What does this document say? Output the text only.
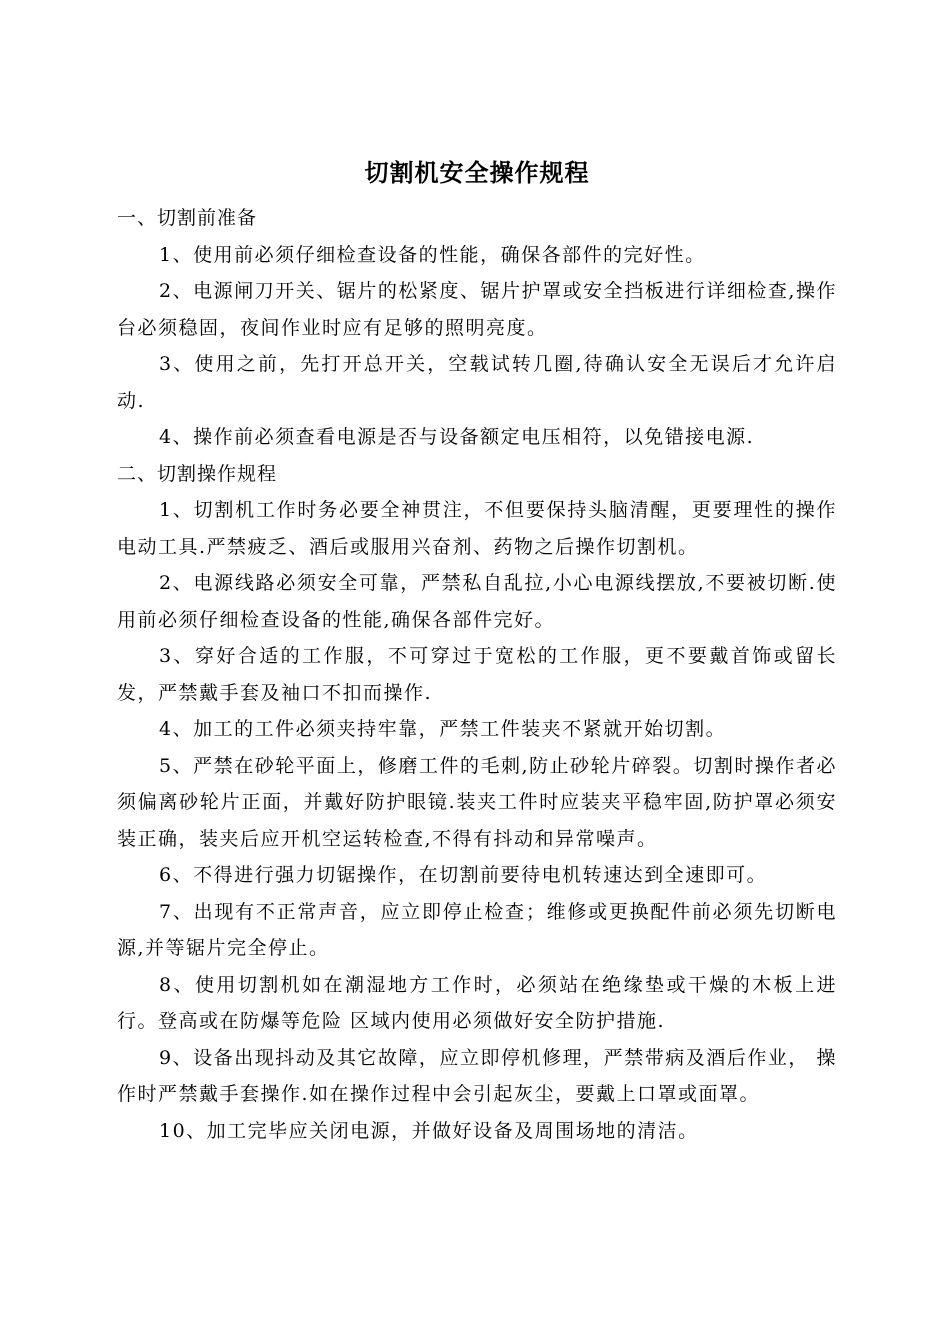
切割机安全操作规程

一、切割前准备

1、使用前必须仔细检查设备的性能，确保各部件的完好性。

2、电源闸刀开关、锯片的松紧度、锯片护罩或安全挡板进行详细检查,操作台必须稳固，夜间作业时应有足够的照明亮度。

3、使用之前，先打开总开关，空载试转几圈,待确认安全无误后才允许启动.

4、操作前必须查看电源是否与设备额定电压相符，以免错接电源.

二、切割操作规程

1、切割机工作时务必要全神贯注，不但要保持头脑清醒，更要理性的操作电动工具.严禁疲乏、酒后或服用兴奋剂、药物之后操作切割机。

2、电源线路必须安全可靠，严禁私自乱拉,小心电源线摆放,不要被切断.使用前必须仔细检查设备的性能,确保各部件完好。

3、穿好合适的工作服，不可穿过于宽松的工作服，更不要戴首饰或留长发，严禁戴手套及袖口不扣而操作.

4、加工的工件必须夹持牢靠，严禁工件装夹不紧就开始切割。

5、严禁在砂轮平面上，修磨工件的毛刺,防止砂轮片碎裂。切割时操作者必须偏离砂轮片正面，并戴好防护眼镜.装夹工件时应装夹平稳牢固,防护罩必须安装正确，装夹后应开机空运转检查,不得有抖动和异常噪声。

6、不得进行强力切锯操作，在切割前要待电机转速达到全速即可。

7、出现有不正常声音，应立即停止检查；维修或更换配件前必须先切断电源,并等锯片完全停止。

8、使用切割机如在潮湿地方工作时，必须站在绝缘垫或干燥的木板上进行。登高或在防爆等危险 区域内使用必须做好安全防护措施.

9、设备出现抖动及其它故障，应立即停机修理，严禁带病及酒后作业， 操作时严禁戴手套操作.如在操作过程中会引起灰尘，要戴上口罩或面罩。

10、加工完毕应关闭电源，并做好设备及周围场地的清洁。
